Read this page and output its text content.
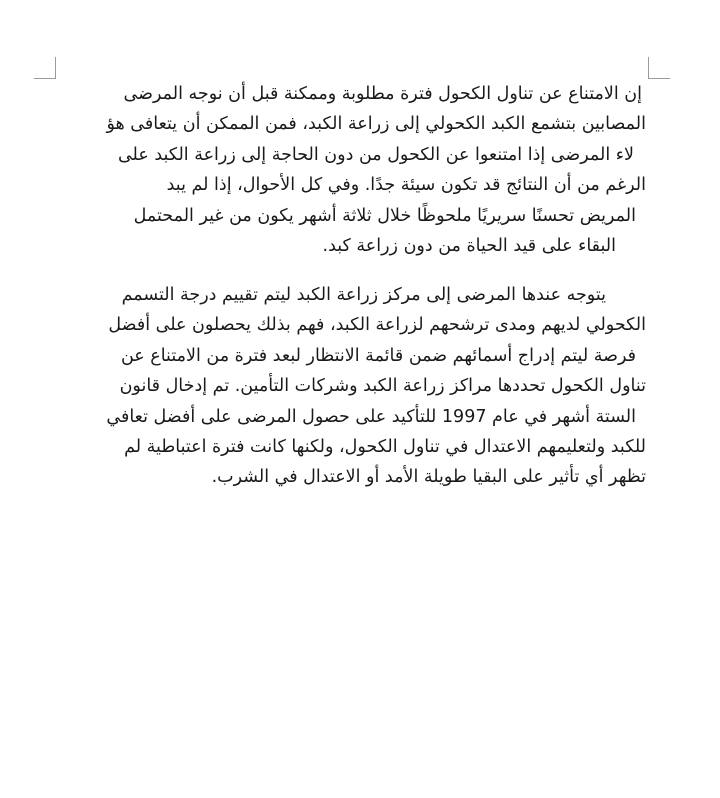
إن الامتناع عن تناول الكحول فترة مطلوبة وممكنة قبل أن نوجه المرضى
المصابين بتشمع الكبد الكحولي إلى زراعة الكبد، فمن الممكن أن يتعافى هؤ
لاء المرضى إذا امتنعوا عن الكحول من دون الحاجة إلى زراعة الكبد على
الرغم من أن النتائج قد تكون سيئة جدًا. وفي كل الأحوال، إذا لم يبد
المريض تحسنًا سريريًا ملحوظًا خلال ثلاثة أشهر يكون من غير المحتمل
البقاء على قيد الحياة من دون زراعة كبد.
يتوجه عندها المرضى إلى مركز زراعة الكبد ليتم تقييم درجة التسمم
الكحولي لديهم ومدى ترشحهم لزراعة الكبد، فهم بذلك يحصلون على أفضل
فرصة ليتم إدراج أسمائهم ضمن قائمة الانتظار لبعد فترة من الامتناع عن
تناول الكحول تحددها مراكز زراعة الكبد وشركات التأمين. تم إدخال قانون
الستة أشهر في عام 1997 للتأكيد على حصول المرضى على أفضل تعافي
للكبد ولتعليمهم الاعتدال في تناول الكحول، ولكنها كانت فترة اعتباطية لم
تظهر أي تأثير على البقيا طويلة الأمد أو الاعتدال في الشرب.
